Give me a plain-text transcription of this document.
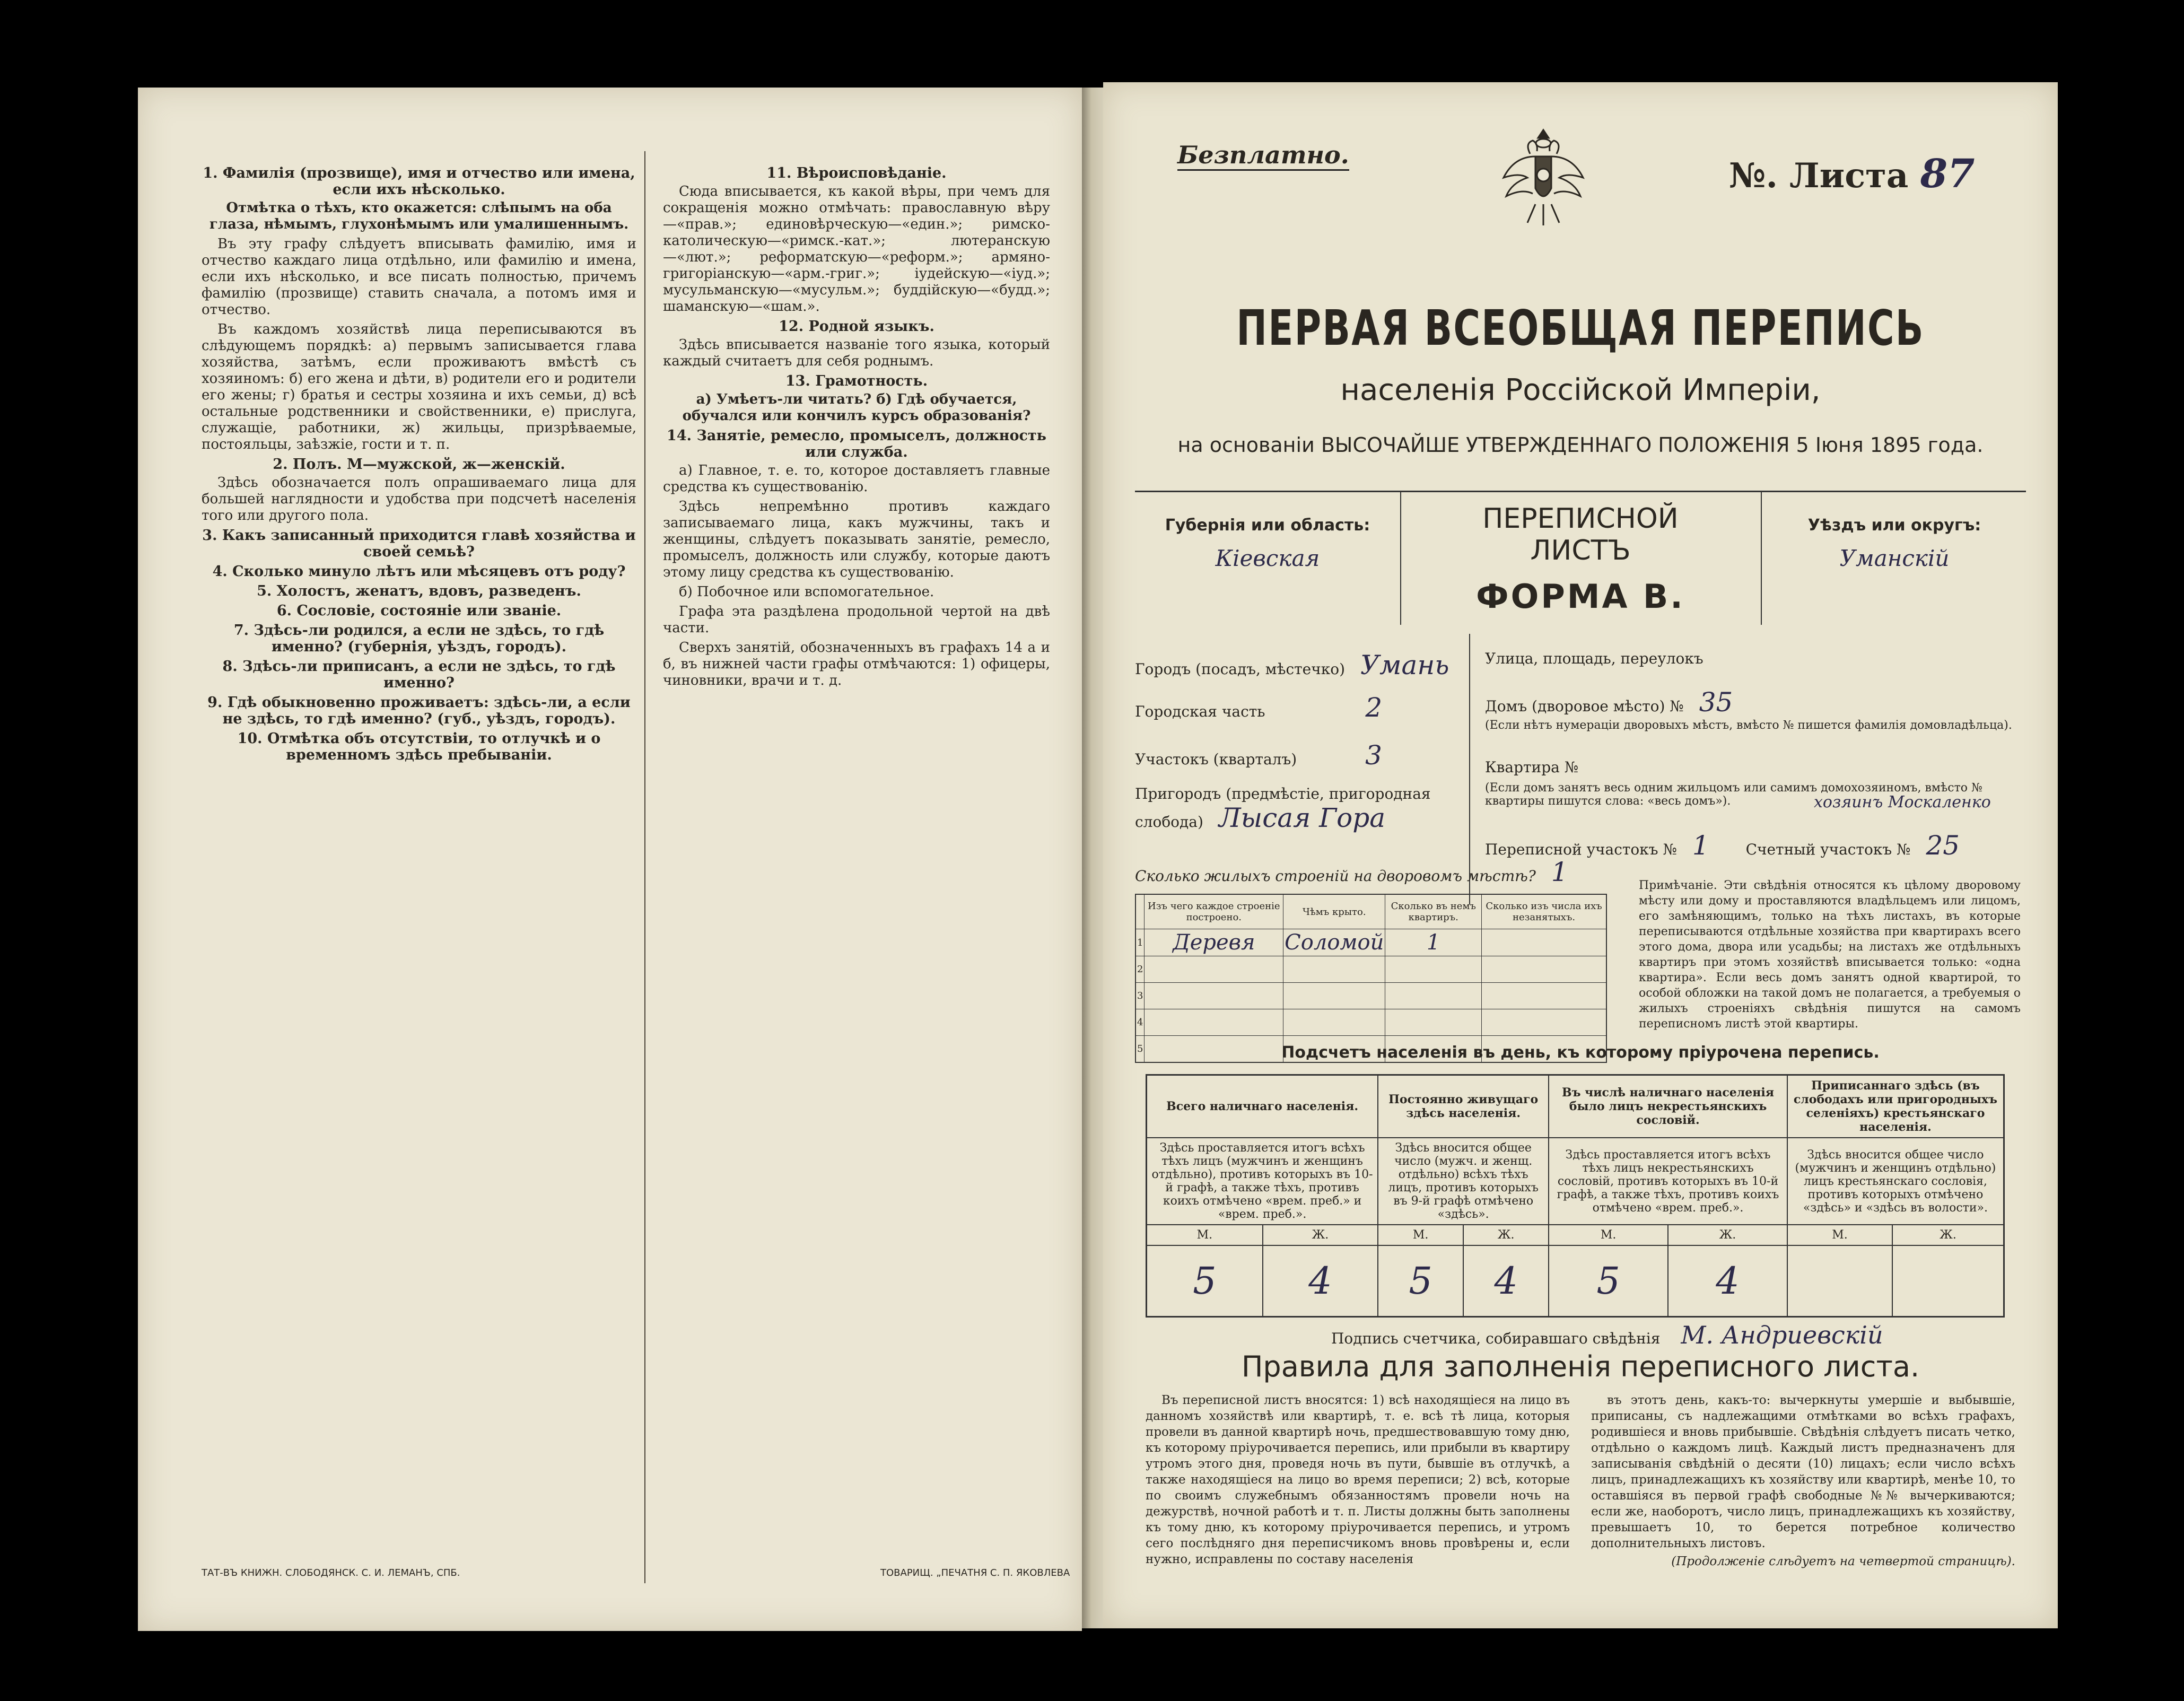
1. Фамилія (прозвище), имя и отчество или имена, если ихъ нѣсколько.

Отмѣтка о тѣхъ, кто окажется: слѣпымъ на оба глаза, нѣмымъ, глухонѣмымъ или умалишеннымъ.

Въ эту графу слѣдуетъ вписывать фамилію, имя и отчество каждаго лица отдѣльно, или фамилію и имена, если ихъ нѣсколько, и все писать полностью, причемъ фамилію (прозвище) ставить сначала, а потомъ имя и отчество.

Въ каждомъ хозяйствѣ лица переписываются въ слѣдующемъ порядкѣ: а) первымъ записывается глава хозяйства, затѣмъ, если проживаютъ вмѣстѣ съ хозяиномъ: б) его жена и дѣти, в) родители его и родители его жены; г) братья и сестры хозяина и ихъ семьи, д) всѣ остальные родственники и свойственники, е) прислуга, служащіе, работники, ж) жильцы, призрѣваемые, постояльцы, заѣзжіе, гости и т. п.

2. Полъ. М—мужской, ж—женскій.

Здѣсь обозначается полъ опрашиваемаго лица для большей наглядности и удобства при подсчетѣ населенія того или другого пола.

3. Какъ записанный приходится главѣ хозяйства и своей семьѣ?
4. Сколько минуло лѣтъ или мѣсяцевъ отъ роду?
5. Холостъ, женатъ, вдовъ, разведенъ.
6. Сословіе, состояніе или званіе.
7. Здѣсь-ли родился, а если не здѣсь, то гдѣ именно? (губернія, уѣздъ, городъ).
8. Здѣсь-ли приписанъ, а если не здѣсь, то гдѣ именно?
9. Гдѣ обыкновенно проживаетъ: здѣсь-ли, а если не здѣсь, то гдѣ именно? (губ., уѣздъ, городъ).
10. Отмѣтка объ отсутствіи, то отлучкѣ и о временномъ здѣсь пребываніи.
11. Вѣроисповѣданіе.

Сюда вписывается, къ какой вѣры, при чемъ для сокращенія можно отмѣчать: православную вѣру—«прав.»; единовѣрческую—«един.»; римско-католическую—«римск.-кат.»; лютеранскую—«лют.»; реформатскую—«реформ.»; армяно-григоріанскую—«арм.-григ.»; іудейскую—«іуд.»; мусульманскую—«мусульм.»; буддійскую—«будд.»; шаманскую—«шам.».

12. Родной языкъ.

Здѣсь вписывается названіе того языка, который каждый считаетъ для себя роднымъ.

13. Грамотность.

а) Умѣетъ-ли читать? б) Гдѣ обучается, обучался или кончилъ курсъ образованія?

14. Занятіе, ремесло, промыселъ, должность или служба.

а) Главное, т. е. то, которое доставляетъ главные средства къ существованію.

Здѣсь непремѣнно противъ каждаго записываемаго лица, какъ мужчины, такъ и женщины, слѣдуетъ показывать занятіе, ремесло, промыселъ, должность или службу, которые даютъ этому лицу средства къ существованію.

б) Побочное или вспомогательное.

Графа эта раздѣлена продольной чертой на двѣ части.

Сверхъ занятій, обозначенныхъ въ графахъ 14 а и б, въ нижней части графы отмѣчаются: 1) офицеры, чиновники, врачи и т. д.

ТАТ-ВЪ КНИЖН. СЛОБОДЯНСК. С. И. ЛЕМАНЪ, СПБ.	ТОВАРИЩ. „ПЕЧАТНЯ С. П. ЯКОВЛЕВА
Безплатно.
№. Листа 87
ПЕРВАЯ ВСЕОБЩАЯ ПЕРЕПИСЬ
населенія Россійской Имперіи,
на основаніи ВЫСОЧАЙШЕ УТВЕРЖДЕННАГО ПОЛОЖЕНІЯ 5 Іюня 1895 года.
Губернія или область:
Кіевская
ПЕРЕПИСНОЙ ЛИСТЪ
ФОРМА В.
Уѣздъ или округъ:
Уманскій
Городъ (посадъ, мѣстечко) Умань
Городская часть	2
Участокъ (кварталъ)	3
Пригородъ (предмѣстіе, пригородная слобода) Лысая Гора
Улица, площадь, переулокъ
Домъ (дворовое мѣсто) № 35
(Если нѣтъ нумераціи дворовыхъ мѣстъ, вмѣсто № пишется фамилія домовладѣльца).
Квартира №
(Если домъ занятъ весь одним жильцомъ или самимъ домохозяиномъ, вмѣсто № квартиры пишутся слова: «весь домъ»).	хозяинъ Москаленко
Переписной участокъ № 1 Счетный участокъ № 25
Сколько жилыхъ строеній на дворовомъ мѣстѣ? 1
	Изъ чего каждое строеніе построено.	Чѣмъ крыто.	Сколько въ немъ квартиръ.	Сколько изъ числа ихъ незанятыхъ.
1	Деревя	Соломой	1	
2				
3				
4				
5				
Примѣчаніе. Эти свѣдѣнія относятся къ цѣлому дворовому мѣсту или дому и проставляются владѣльцемъ или лицомъ, его замѣняющимъ, только на тѣхъ листахъ, въ которые переписываются отдѣльные хозяйства при квартирахъ всего этого дома, двора или усадьбы; на листахъ же отдѣльныхъ квартиръ при этомъ хозяйствѣ вписывается только: «одна квартира». Если весь домъ занятъ одной квартирой, то особой обложки на такой домъ не полагается, а требуемыя о жилыхъ строеніяхъ свѣдѣнія пишутся на самомъ переписномъ листѣ этой квартиры.
Подсчетъ населенія въ день, къ которому пріурочена перепись.
Всего наличнаго населенія.		Постоянно живущаго здѣсь населенія.		Въ числѣ наличнаго населенія было лицъ некрестьянскихъ сословій.		Приписаннаго здѣсь (въ слободахъ или пригородныхъ селеніяхъ) крестьянскаго населенія.	
Здѣсь проставляется итогъ всѣхъ тѣхъ лицъ (мужчинъ и женщинъ отдѣльно), противъ которыхъ въ 10-й графѣ, а также тѣхъ, противъ коихъ отмѣчено «врем. преб.» и «врем. преб.».		Здѣсь вносится общее число (мужч. и женщ. отдѣльно) всѣхъ тѣхъ лицъ, противъ которыхъ въ 9-й графѣ отмѣчено «здѣсь».		Здѣсь проставляется итогъ всѣхъ тѣхъ лицъ некрестьянскихъ сословій, противъ которыхъ въ 10-й графѣ, а также тѣхъ, противъ коихъ отмѣчено «врем. преб.».		Здѣсь вносится общее число (мужчинъ и женщинъ отдѣльно) лицъ крестьянскаго сословія, противъ которыхъ отмѣчено «здѣсь» и «здѣсь въ волости».	
М.	Ж.	М.	Ж.	М.	Ж.	М.	Ж.
5	4	5	4	5	4		
Подпись счетчика, собиравшаго свѣдѣнія М. Андриевскій
Правила для заполненія переписного листа.

Въ переписной листъ вносятся: 1) всѣ находящіеся на лицо въ данномъ хозяйствѣ или квартирѣ, т. е. всѣ тѣ лица, которыя провели въ данной квартирѣ ночь, предшествовавшую тому дню, къ которому пріурочивается перепись, или прибыли въ квартиру утромъ этого дня, проведя ночь въ пути, бывшіе въ отлучкѣ, а также находящіеся на лицо во время переписи; 2) всѣ, которые по своимъ служебнымъ обязанностямъ провели ночь на дежурствѣ, ночной работѣ и т. п. Листы должны быть заполнены къ тому дню, къ которому пріурочивается перепись, и утромъ сего послѣдняго дня переписчикомъ вновь провѣрены и, если нужно, исправлены по составу населенія

въ этотъ день, какъ-то: вычеркнуты умершіе и выбывшіе, приписаны, съ надлежащими отмѣтками во всѣхъ графахъ, родившіеся и вновь прибывшіе. Свѣдѣнія слѣдуетъ писать четко, отдѣльно о каждомъ лицѣ. Каждый листъ предназначенъ для записыванія свѣдѣній о десяти (10) лицахъ; если число всѣхъ лицъ, принадлежащихъ къ хозяйству или квартирѣ, менѣе 10, то оставшіяся въ первой графѣ свободные №№ вычеркиваются; если же, наоборотъ, число лицъ, принадлежащихъ къ хозяйству, превышаетъ 10, то берется потребное количество дополнительныхъ листовъ.

(Продолженіе слѣдуетъ на четвертой страницѣ).
